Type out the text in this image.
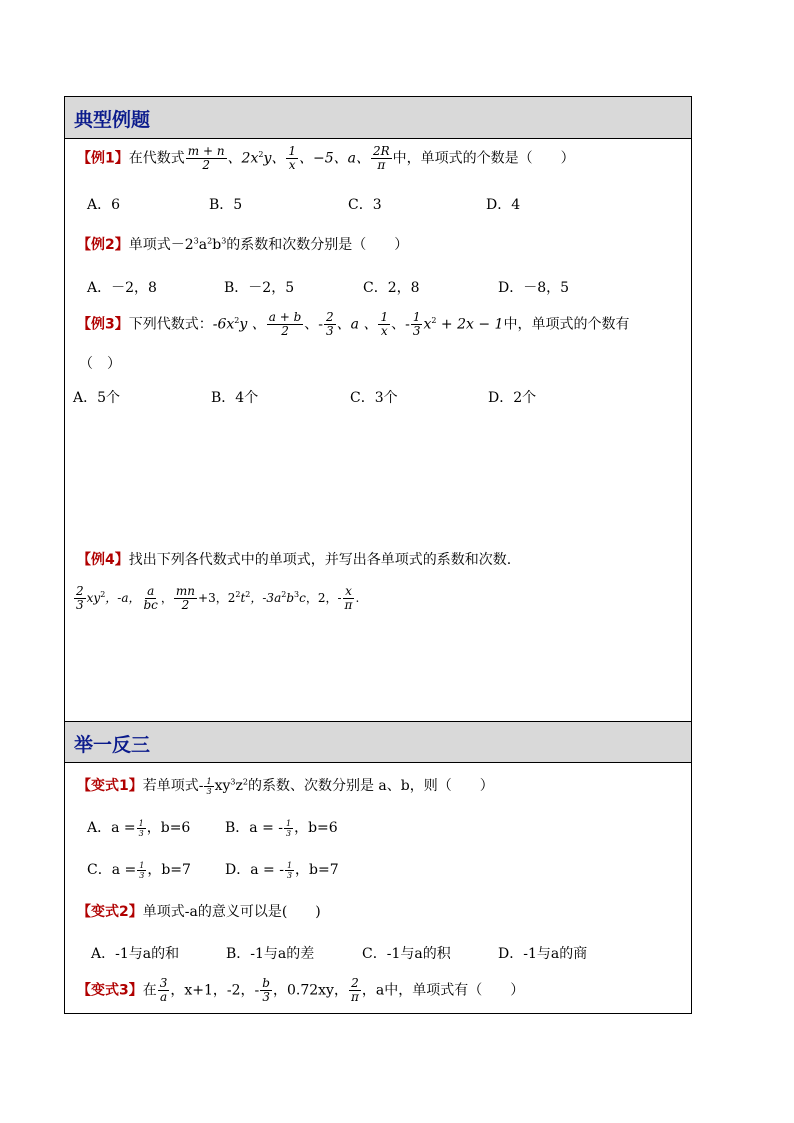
典型例题
【例1】在代数式 $\frac{m + n}{2}$ 、$2x^2y$、 $\frac{1}{x}$ 、−5、a、 $\frac{2R}{\pi}$ 中，单项式的个数是（　　）
A．6	B．5	C．3	D．4
【例2】单项式$-2^3a^2b^3$的系数和次数分别是（　　）
A．－2，8	B．－2，5	C．2，8	D．－8，5
【例3】下列代数式：$-6x^2y$ 、 $\frac{a + b}{2}$ 、- $\frac{2}{3}$ 、a 、 $\frac{1}{x}$ 、- $\frac{1}{3} x^2 + 2x - 1$中，单项式的个数有
（　）
A．5个	B．4个	C．3个	D．2个
【例4】找出下列各代数式中的单项式，并写出各单项式的系数和次数.
$\frac{2}{3} xy^2$，-a， $\frac{a}{bc}$ ， $\frac{mn}{2} +3$，$2^2t^2$，$-3a^2b^3c$，2，- $\frac{x}{\pi}$ .
举一反三
【变式1】若单项式- $\frac{1}{3} xy^3z^2$的系数、次数分别是 a、b，则（　　）
A．$a = \frac{1}{3}$ ，b=6 B．a = - $\frac{1}{3}$ ，b=6
C．$a = \frac{1}{3}$ ，b=7 D．a = - $\frac{1}{3}$ ，b=7
【变式2】单项式-a的意义可以是(　　)
A．-1与a的和	B．-1与a的差	C．-1与a的积	D．-1与a的商
【变式3】在 $\frac{3}{a}$ ，x+1，-2，- $\frac{b}{3}$ ，0.72xy， $\frac{2}{\pi}$ ，a中，单项式有（　　）
